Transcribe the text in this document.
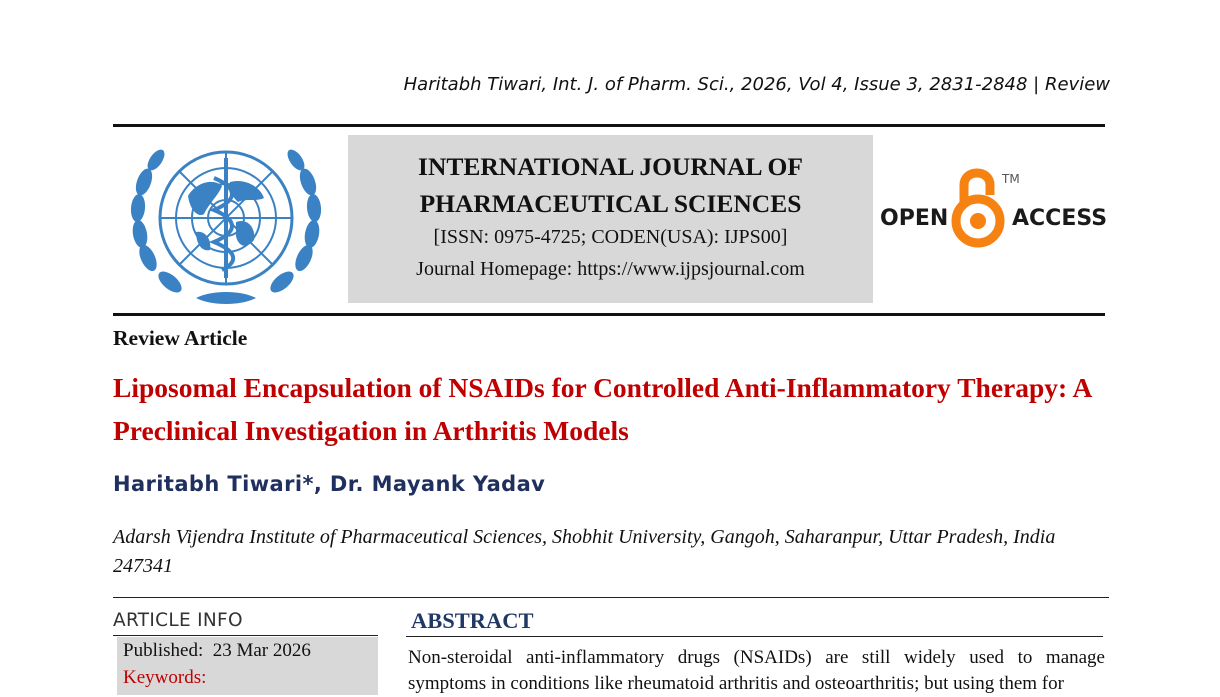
Haritabh Tiwari, Int. J. of Pharm. Sci., 2026, Vol 4, Issue 3, 2831-2848 | Review
INTERNATIONAL JOURNAL OF
PHARMACEUTICAL SCIENCES
[ISSN: 0975-4725; CODEN(USA): IJPS00]
Journal Homepage: https://www.ijpsjournal.com
OPEN	ACCESS
TM
Review Article
Liposomal Encapsulation of NSAIDs for Controlled Anti-Inflammatory Therapy: A Preclinical Investigation in Arthritis Models
Haritabh Tiwari*, Dr. Mayank Yadav
Adarsh Vijendra Institute of Pharmaceutical Sciences, Shobhit University, Gangoh, Saharanpur, Uttar Pradesh, India 247341
ARTICLE INFO
Published: 23 Mar 2026
Keywords:
ABSTRACT
Non-steroidal anti-inflammatory drugs (NSAIDs) are still widely used to manage symptoms in conditions like rheumatoid arthritis and osteoarthritis; but using them for
